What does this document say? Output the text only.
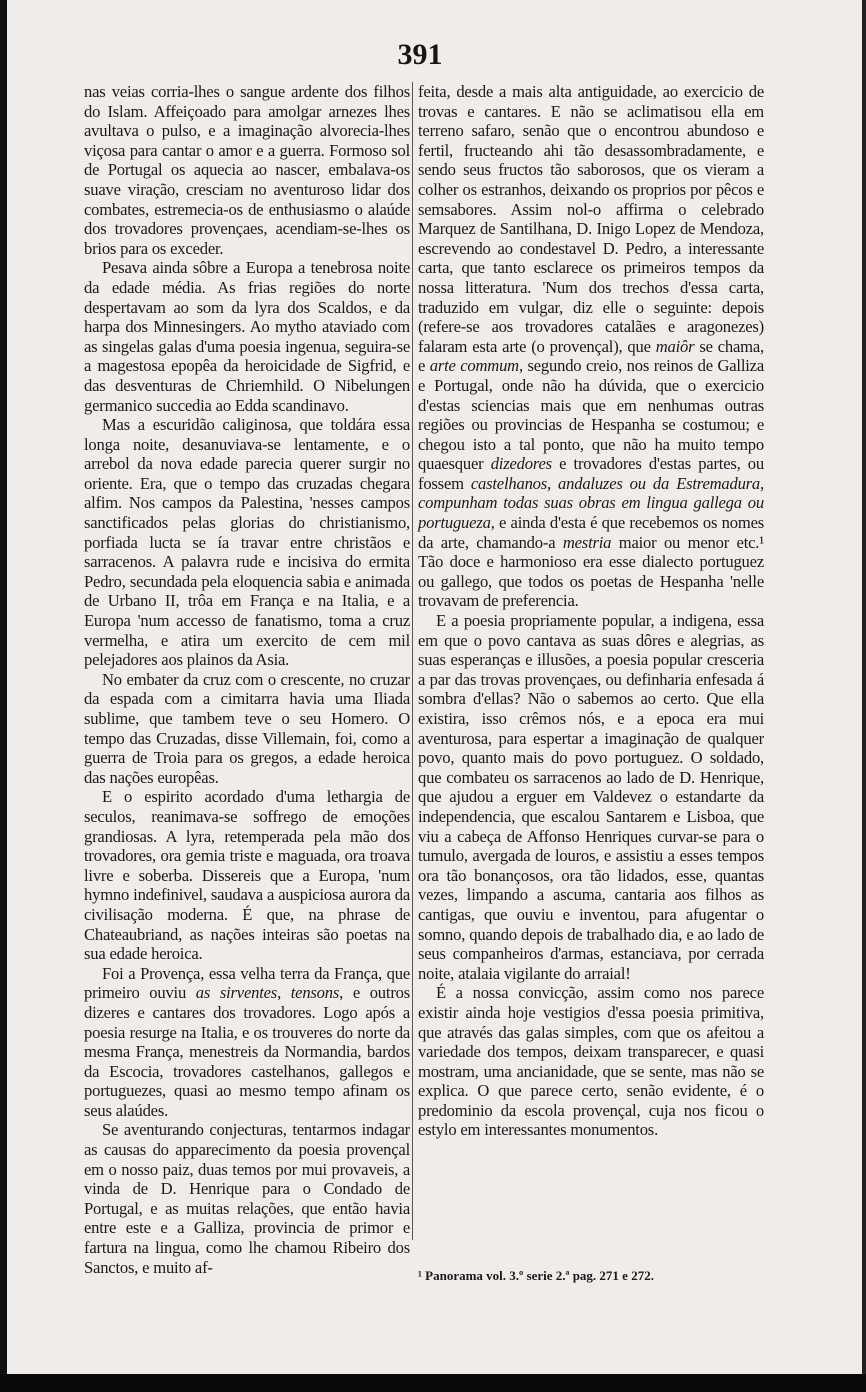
391

nas veias corria-lhes o sangue ardente dos filhos do Islam. Affeiçoado para amolgar arnezes lhes avultava o pulso, e a imaginação alvorecia-lhes viçosa para cantar o amor e a guerra. Formoso sol de Portugal os aquecia ao nascer, embalava-os suave viração, cresciam no aventuroso lidar dos combates, estremecia-os de enthusiasmo o alaúde dos trovadores provençaes, acendiam-se-lhes os brios para os exceder.

Pesava ainda sôbre a Europa a tenebrosa noite da edade média. As frias regiões do norte despertavam ao som da lyra dos Scaldos, e da harpa dos Minnesingers. Ao mytho ataviado com as singelas galas d'uma poesia ingenua, seguira-se a magestosa epopêa da heroicidade de Sigfrid, e das desventuras de Chriemhild. O Nibelungen germanico succedia ao Edda scandinavo.

Mas a escuridão caliginosa, que toldára essa longa noite, desanuviava-se lentamente, e o arrebol da nova edade parecia querer surgir no oriente. Era, que o tempo das cruzadas chegara alfim. Nos campos da Palestina, 'nesses campos sanctificados pelas glorias do christianismo, porfiada lucta se ía travar entre christãos e sarracenos. A palavra rude e incisiva do ermita Pedro, secundada pela eloquencia sabia e animada de Urbano II, trôa em França e na Italia, e a Europa 'num accesso de fanatismo, toma a cruz vermelha, e atira um exercito de cem mil pelejadores aos plainos da Asia.

No embater da cruz com o crescente, no cruzar da espada com a cimitarra havia uma Iliada sublime, que tambem teve o seu Homero. O tempo das Cruzadas, disse Villemain, foi, como a guerra de Troia para os gregos, a edade heroica das nações europêas.

E o espirito acordado d'uma lethargia de seculos, reanimava-se soffrego de emoções grandiosas. A lyra, retemperada pela mão dos trovadores, ora gemia triste e maguada, ora troava livre e soberba. Dissereis que a Europa, 'num hymno indefinivel, saudava a auspiciosa aurora da civilisação moderna. É que, na phrase de Chateaubriand, as nações inteiras são poetas na sua edade heroica.

Foi a Provença, essa velha terra da França, que primeiro ouviu as sirventes, tensons, e outros dizeres e cantares dos trovadores. Logo após a poesia resurge na Italia, e os trouveres do norte da mesma França, menestreis da Normandia, bardos da Escocia, trovadores castelhanos, gallegos e portuguezes, quasi ao mesmo tempo afinam os seus alaúdes.

Se aventurando conjecturas, tentarmos indagar as causas do apparecimento da poesia provençal em o nosso paiz, duas temos por mui provaveis, a vinda de D. Henrique para o Condado de Portugal, e as muitas relações, que então havia entre este e a Galliza, provincia de primor e fartura na lingua, como lhe chamou Ribeiro dos Sanctos, e muito af-

feita, desde a mais alta antiguidade, ao exercicio de trovas e cantares. E não se aclimatisou ella em terreno safaro, senão que o encontrou abundoso e fertil, fructeando ahi tão desassombradamente, e sendo seus fructos tão saborosos, que os vieram a colher os estranhos, deixando os proprios por pêcos e semsabores. Assim nol-o affirma o celebrado Marquez de Santilhana, D. Inigo Lopez de Mendoza, escrevendo ao condestavel D. Pedro, a interessante carta, que tanto esclarece os primeiros tempos da nossa litteratura. 'Num dos trechos d'essa carta, traduzido em vulgar, diz elle o seguinte: depois (refere-se aos trovadores catalães e aragonezes) falaram esta arte (o provençal), que maiôr se chama, e arte commum, segundo creio, nos reinos de Galliza e Portugal, onde não ha dúvida, que o exercicio d'estas sciencias mais que em nenhumas outras regiões ou provincias de Hespanha se costumou; e chegou isto a tal ponto, que não ha muito tempo quaesquer dizedores e trovadores d'estas partes, ou fossem castelhanos, andaluzes ou da Estremadura, compunham todas suas obras em lingua gallega ou portugueza, e ainda d'esta é que recebemos os nomes da arte, chamando-a mestria maior ou menor etc.¹ Tão doce e harmonioso era esse dialecto portuguez ou gallego, que todos os poetas de Hespanha 'nelle trovavam de preferencia.

E a poesia propriamente popular, a indigena, essa em que o povo cantava as suas dôres e alegrias, as suas esperanças e illusões, a poesia popular cresceria a par das trovas provençaes, ou definharia enfesada á sombra d'ellas? Não o sabemos ao certo. Que ella existira, isso crêmos nós, e a epoca era mui aventurosa, para espertar a imaginação de qualquer povo, quanto mais do povo portuguez. O soldado, que combateu os sarracenos ao lado de D. Henrique, que ajudou a erguer em Valdevez o estandarte da independencia, que escalou Santarem e Lisboa, que viu a cabeça de Affonso Henriques curvar-se para o tumulo, avergada de louros, e assistiu a esses tempos ora tão bonançosos, ora tão lidados, esse, quantas vezes, limpando a ascuma, cantaria aos filhos as cantigas, que ouviu e inventou, para afugentar o somno, quando depois de trabalhado dia, e ao lado de seus companheiros d'armas, estanciava, por cerrada noite, atalaia vigilante do arraial!

É a nossa convicção, assim como nos parece existir ainda hoje vestigios d'essa poesia primitiva, que através das galas simples, com que os afeitou a variedade dos tempos, deixam transparecer, e quasi mostram, uma ancianidade, que se sente, mas não se explica. O que parece certo, senão evidente, é o predominio da escola provençal, cuja nos ficou o estylo em interessantes monumentos.

¹ Panorama vol. 3.º serie 2.ª pag. 271 e 272.
